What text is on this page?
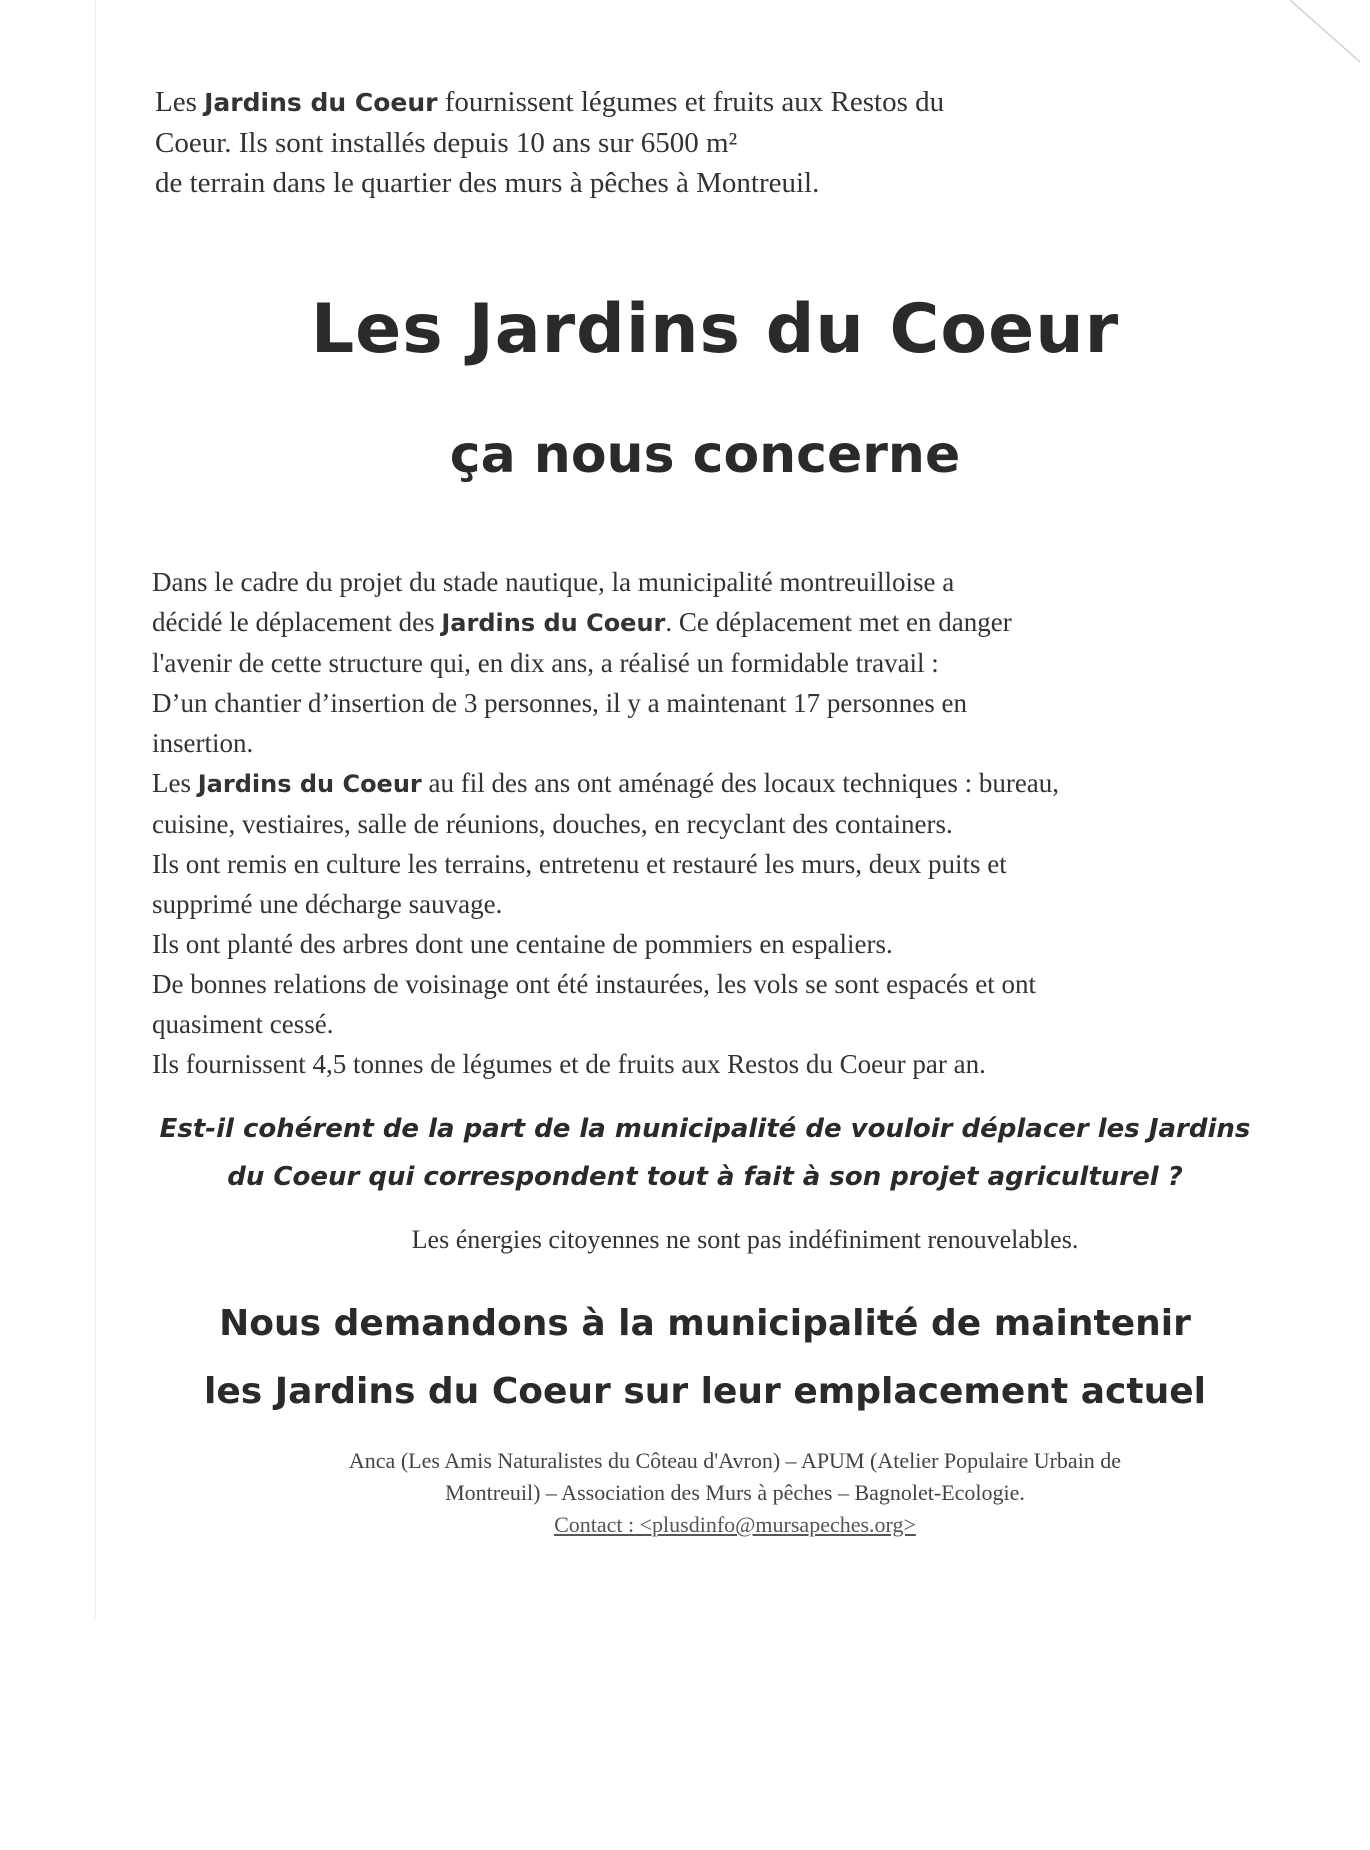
Les Jardins du Coeur fournissent légumes et fruits aux Restos du
Coeur. Ils sont installés depuis 10 ans sur 6500 m²
de terrain dans le quartier des murs à pêches à Montreuil.
Les Jardins du Coeur
ça nous concerne

Dans le cadre du projet du stade nautique, la municipalité montreuilloise a

décidé le déplacement des Jardins du Coeur. Ce déplacement met en danger

l'avenir de cette structure qui, en dix ans, a réalisé un formidable travail :

D’un chantier d’insertion de 3 personnes, il y a maintenant 17 personnes en

insertion.

Les Jardins du Coeur au fil des ans ont aménagé des locaux techniques : bureau,

cuisine, vestiaires, salle de réunions, douches, en recyclant des containers.

Ils ont remis en culture les terrains, entretenu et restauré les murs, deux puits et

supprimé une décharge sauvage.

Ils ont planté des arbres dont une centaine de pommiers en espaliers.

De bonnes relations de voisinage ont été instaurées, les vols se sont espacés et ont

quasiment cessé.

Ils fournissent 4,5 tonnes de légumes et de fruits aux Restos du Coeur par an.

Est-il cohérent de la part de la municipalité de vouloir déplacer les Jardins
du Coeur qui correspondent tout à fait à son projet agriculturel ?
Les énergies citoyennes ne sont pas indéfiniment renouvelables.
Nous demandons à la municipalité de maintenir
les Jardins du Coeur sur leur emplacement actuel
Anca (Les Amis Naturalistes du Côteau d'Avron) – APUM (Atelier Populaire Urbain de
Montreuil) – Association des Murs à pêches – Bagnolet-Ecologie.
Contact : <plusdinfo@mursapeches.org>
